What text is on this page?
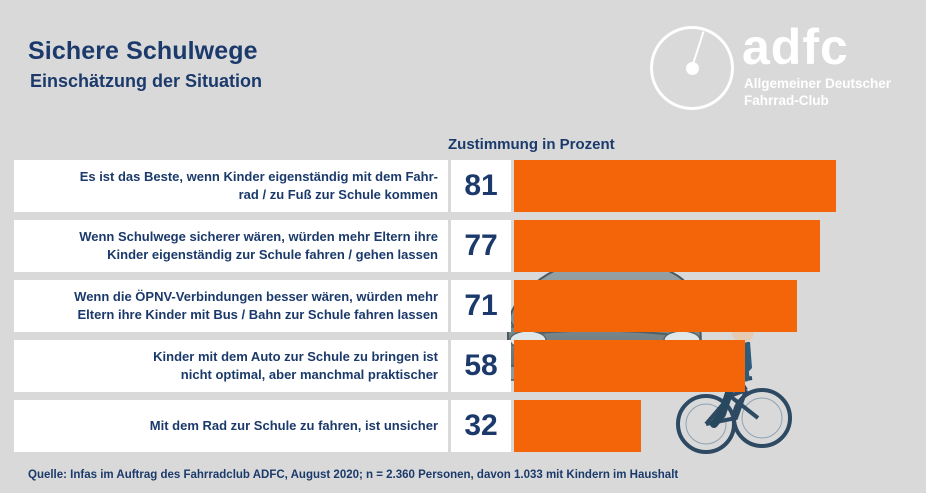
Sichere Schulwege
Einschätzung der Situation
adfc
Allgemeiner Deutscher
Fahrrad-Club
Zustimmung in Prozent
Es ist das Beste, wenn Kinder eigenständig mit dem Fahr-
rad / zu Fuß zur Schule kommen 81
Wenn Schulwege sicherer wären, würden mehr Eltern ihre
Kinder eigenständig zur Schule fahren / gehen lassen 77
Wenn die ÖPNV-Verbindungen besser wären, würden mehr
Eltern ihre Kinder mit Bus / Bahn zur Schule fahren lassen 71
Kinder mit dem Auto zur Schule zu bringen ist
nicht optimal, aber manchmal praktischer 58
Mit dem Rad zur Schule zu fahren, ist unsicher 32
Quelle: Infas im Auftrag des Fahrradclub ADFC, August 2020; n = 2.360 Personen, davon 1.033 mit Kindern im Haushalt
